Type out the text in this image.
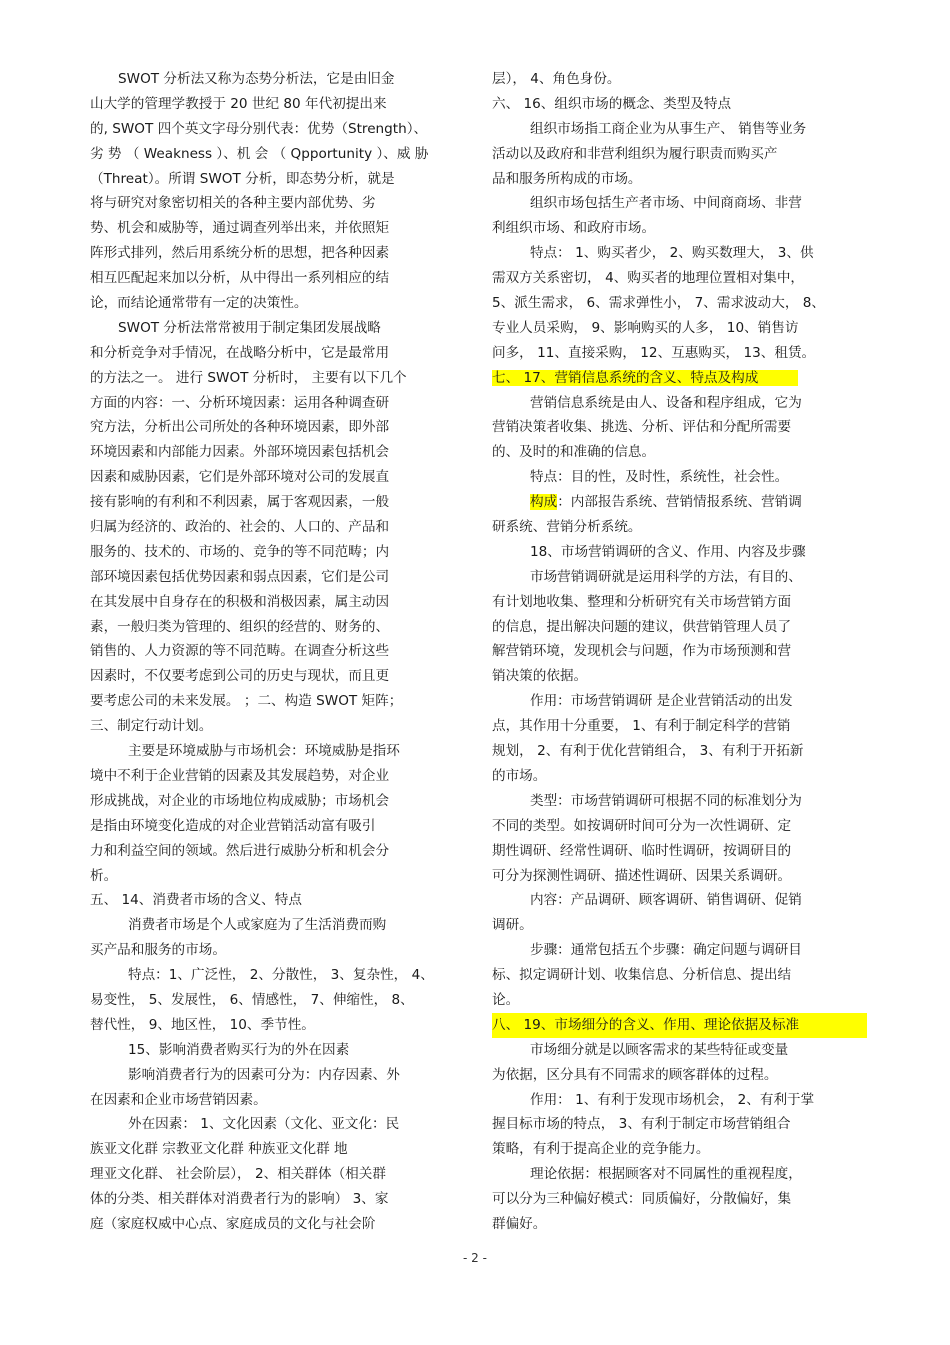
SWOT 分析法又称为态势分析法，它是由旧金
山大学的管理学教授于 20 世纪 80 年代初提出来
的, SWOT 四个英文字母分别代表：优势（Strength）、
劣 势 （ Weakness ）、机 会 （ Qpportunity ）、威 胁
（Threat）。所谓 SWOT 分析，即态势分析，就是
将与研究对象密切相关的各种主要内部优势、劣
势、机会和威胁等，通过调查列举出来，并依照矩
阵形式排列，然后用系统分析的思想，把各种因素
相互匹配起来加以分析，从中得出一系列相应的结
论，而结论通常带有一定的决策性。
SWOT 分析法常常被用于制定集团发展战略
和分析竞争对手情况，在战略分析中，它是最常用
的方法之一。 进行 SWOT 分析时， 主要有以下几个
方面的内容：一、分析环境因素：运用各种调查研
究方法，分析出公司所处的各种环境因素，即外部
环境因素和内部能力因素。外部环境因素包括机会
因素和威胁因素，它们是外部环境对公司的发展直
接有影响的有利和不利因素，属于客观因素，一般
归属为经济的、政治的、社会的、人口的、产品和
服务的、技术的、市场的、竞争的等不同范畴；内
部环境因素包括优势因素和弱点因素，它们是公司
在其发展中自身存在的积极和消极因素，属主动因
素，一般归类为管理的、组织的经营的、财务的、
销售的、人力资源的等不同范畴。在调查分析这些
因素时，不仅要考虑到公司的历史与现状，而且更
要考虑公司的未来发展。 ；二、构造 SWOT 矩阵；
三、制定行动计划。
主要是环境威胁与市场机会：环境威胁是指环
境中不利于企业营销的因素及其发展趋势，对企业
形成挑战，对企业的市场地位构成威胁；市场机会
是指由环境变化造成的对企业营销活动富有吸引
力和利益空间的领域。然后进行威胁分析和机会分
析。
五、 14、消费者市场的含义、特点
消费者市场是个人或家庭为了生活消费而购
买产品和服务的市场。
特点：1、广泛性， 2、分散性， 3、复杂性， 4、
易变性， 5、发展性， 6、情感性， 7、伸缩性， 8、
替代性， 9、地区性， 10、季节性。
15、影响消费者购买行为的外在因素
影响消费者行为的因素可分为：内存因素、外
在因素和企业市场营销因素。
外在因素： 1、文化因素（文化、亚文化：民
族亚文化群 宗教亚文化群 种族亚文化群 地
理亚文化群、 社会阶层）， 2、相关群体（相关群
体的分类、相关群体对消费者行为的影响） 3、家
庭（家庭权威中心点、家庭成员的文化与社会阶
层）， 4、角色身份。
六、 16、组织市场的概念、类型及特点
组织市场指工商企业为从事生产、 销售等业务
活动以及政府和非营利组织为履行职责而购买产
品和服务所构成的市场。
组织市场包括生产者市场、中间商商场、非营
利组织市场、和政府市场。
特点： 1、购买者少， 2、购买数理大， 3、供
需双方关系密切， 4、购买者的地理位置相对集中，
5、派生需求， 6、需求弹性小， 7、需求波动大， 8、
专业人员采购， 9、影响购买的人多， 10、销售访
问多， 11、直接采购， 12、互惠购买， 13、租赁。
七、 17、营销信息系统的含义、特点及构成
营销信息系统是由人、设备和程序组成，它为
营销决策者收集、挑选、分析、评估和分配所需要
的、及时的和准确的信息。
特点：目的性，及时性，系统性，社会性。
构成：内部报告系统、营销情报系统、营销调
研系统、营销分析系统。
18、市场营销调研的含义、作用、内容及步骤
市场营销调研就是运用科学的方法，有目的、
有计划地收集、整理和分析研究有关市场营销方面
的信息，提出解决问题的建议，供营销管理人员了
解营销环境，发现机会与问题，作为市场预测和营
销决策的依据。
作用：市场营销调研 是企业营销活动的出发
点，其作用十分重要， 1、有利于制定科学的营销
规划， 2、有利于优化营销组合， 3、有利于开拓新
的市场。
类型：市场营销调研可根据不同的标准划分为
不同的类型。如按调研时间可分为一次性调研、定
期性调研、经常性调研、临时性调研，按调研目的
可分为探测性调研、描述性调研、因果关系调研。
内容：产品调研、顾客调研、销售调研、促销
调研。
步骤：通常包括五个步骤：确定问题与调研目
标、拟定调研计划、收集信息、分析信息、提出结
论。
八、 19、市场细分的含义、作用、理论依据及标准
市场细分就是以顾客需求的某些特征或变量
为依据，区分具有不同需求的顾客群体的过程。
作用： 1、有利于发现市场机会， 2、有利于掌
握目标市场的特点， 3、有利于制定市场营销组合
策略，有利于提高企业的竞争能力。
理论依据：根据顾客对不同属性的重视程度，
可以分为三种偏好模式：同质偏好，分散偏好，集
群偏好。
- 2 -
